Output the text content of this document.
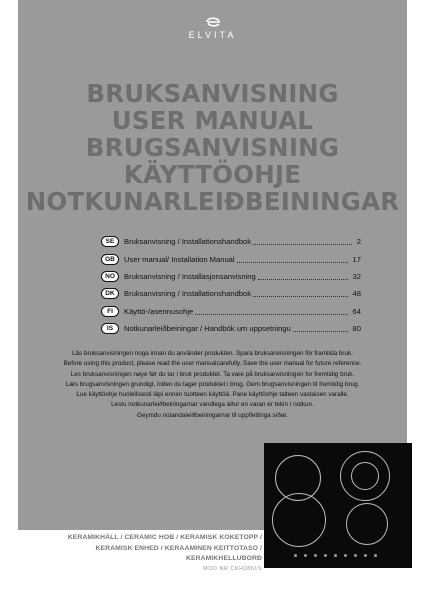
ELVITA
BRUKSANVISNING
USER MANUAL
BRUGSANVISNING
KÄYTTÖOHJE
NOTKUNARLEIÐBEININGAR
SE	Bruksanvisning / Installationshandbok	2
GB	User manual/ Installation Manual	17
NO	Bruksanvisning / Installasjonsanvisning	32
DK	Bruksanvisning / Installationshandbok	48
FI	Käyttö-/asennusohje	64
IS	Notkunarleiðbeiningar / Handbók um uppsetningu	80
Läs bruksanvisningen noga innan du använder produkten. Spara bruksanvisningen för framtida bruk.
Before using this product, please read the user manualcarefully. Save the user manual for future reference.
Les bruksanvisningen nøye før du tar i bruk produktet. Ta vare på bruksanvisningen for fremtidig bruk.
Læs brugsanvisningen grundigt, inden du tager produktet i brug. Gem brugsanvisningen til fremtidig brug.
Lue käyttöohje huolellisesti läpi ennen tuotteen käyttöä. Pane käyttöohje talteen vastaisen varalle.
Lestu notkunarleiðbeiningarnar vandlega áður en varan er tekin í notkun.
Geymdu notandaleiðbeiningarnar til uppflettinga síðar.
KERAMIKHÄLL / CERAMIC HOB / KERAMISK KOKETOPP /
KERAMISK ENHED / KERAAMINEN KEITTOTASO /
KERAMIKHELLUBORÐ
MOD NR CKH2861S
